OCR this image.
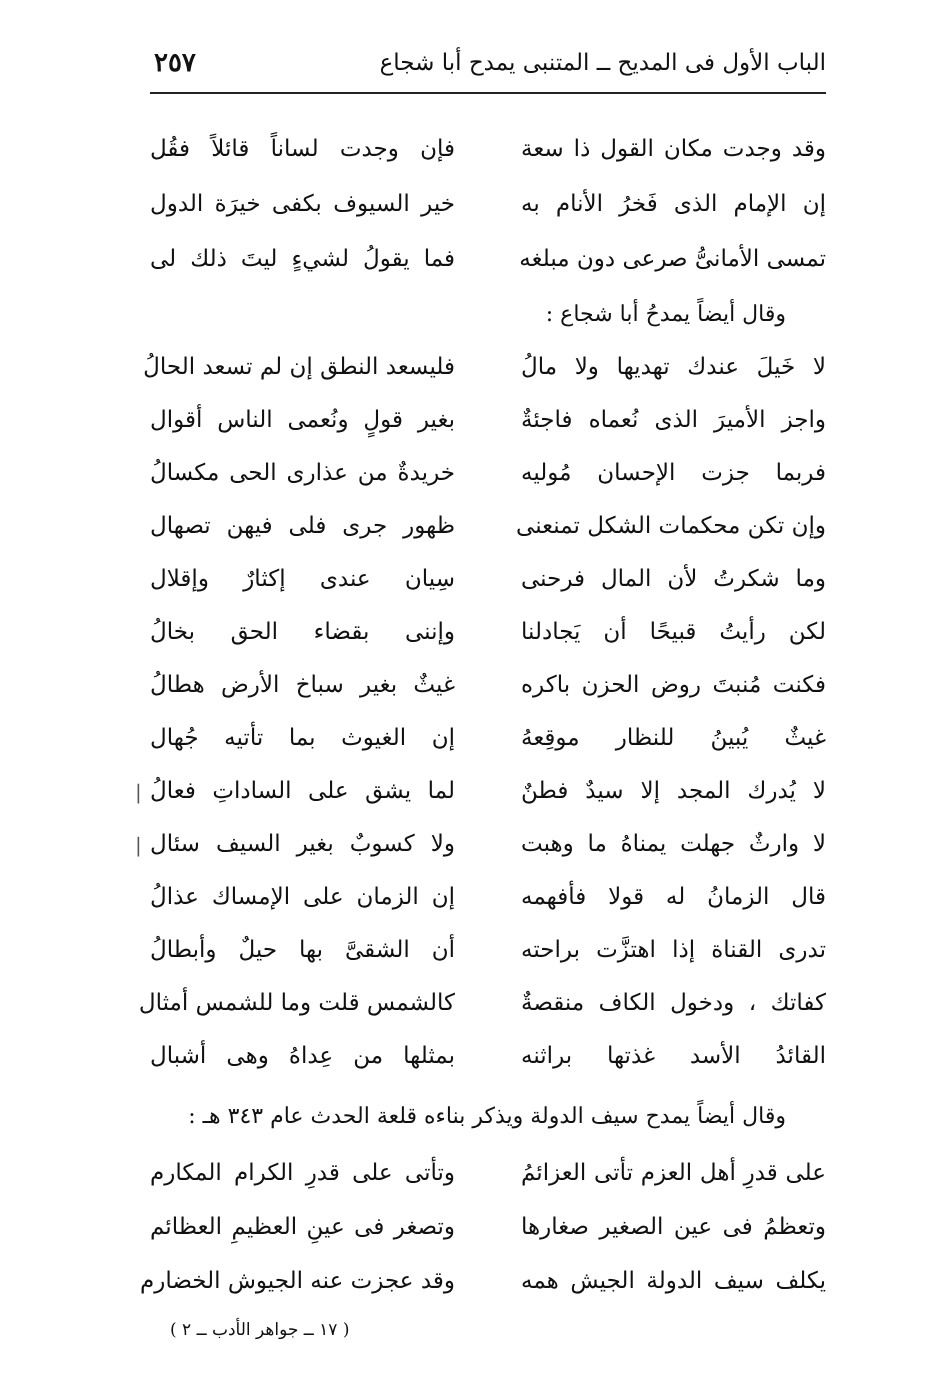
الباب الأول فى المديح ــ المتنبى يمدح أبا شجاع
٢٥٧
وقد وجدت مكان القول ذا سعة
فإن وجدت لساناً قائلاً فقُل
إن الإمام الذى فَخرُ الأنام به
خير السيوف بكفى خيرَة الدول
تمسى الأمانىُّ صرعى دون مبلغه
فما يقولُ لشيءٍ ليتَ ذلك لى
وقال أيضاً يمدحُ أبا شجاع :
لا خَيلَ عندك تهديها ولا مالُ
فليسعد النطق إن لم تسعد الحالُ
واجز الأميرَ الذى نُعماه فاجئةٌ
بغير قولٍ ونُعمى الناس أقوال
فربما جزت الإحسان مُوليه
خريدةٌ من عذارى الحى مكسالُ
وإن تكن محكمات الشكل تمنعنى
ظهور جرى فلى فيهن تصهال
وما شكرتُ لأن المال فرحنى
سِيان عندى إكثارٌ وإقلال
لكن رأيتُ قبيحًا أن يَجادلنا
وإننى بقضاء الحق بخالُ
فكنت مُنبتَ روض الحزن باكره
غيثٌ بغير سباخ الأرض هطالُ
غيثٌ يُبينُ للنظار موقِعهُ
إن الغيوث بما تأتيه جُهال
لا يُدرك المجد إلا سيدٌ فطنٌ
لما يشق على الساداتِ فعالُ
لا وارثٌ جهلت يمناهُ ما وهبت
ولا كسوبٌ بغير السيف سئال
قال الزمانُ له قولا فأفهمه
إن الزمان على الإمساك عذالُ
تدرى القناة إذا اهتزَّت براحته
أن الشقىَّ بها حيلٌ وأبطالُ
كفاتك ، ودخول الكاف منقصةٌ
كالشمس قلت وما للشمس أمثال
القائدُ الأسد غذتها براثنه
بمثلها من عِداهُ وهى أشبال
|
|
وقال أيضاً يمدح سيف الدولة ويذكر بناءه قلعة الحدث عام ٣٤٣ هـ :
على قدرِ أهل العزم تأتى العزائمُ
وتأتى على قدرِ الكرام المكارم
وتعظمُ فى عين الصغير صغارها
وتصغر فى عينِ العظيمِ العظائم
يكلف سيف الدولة الجيش همه
وقد عجزت عنه الجيوش الخضارم
( ١٧ ــ جواهر الأدب ــ ٢ )
